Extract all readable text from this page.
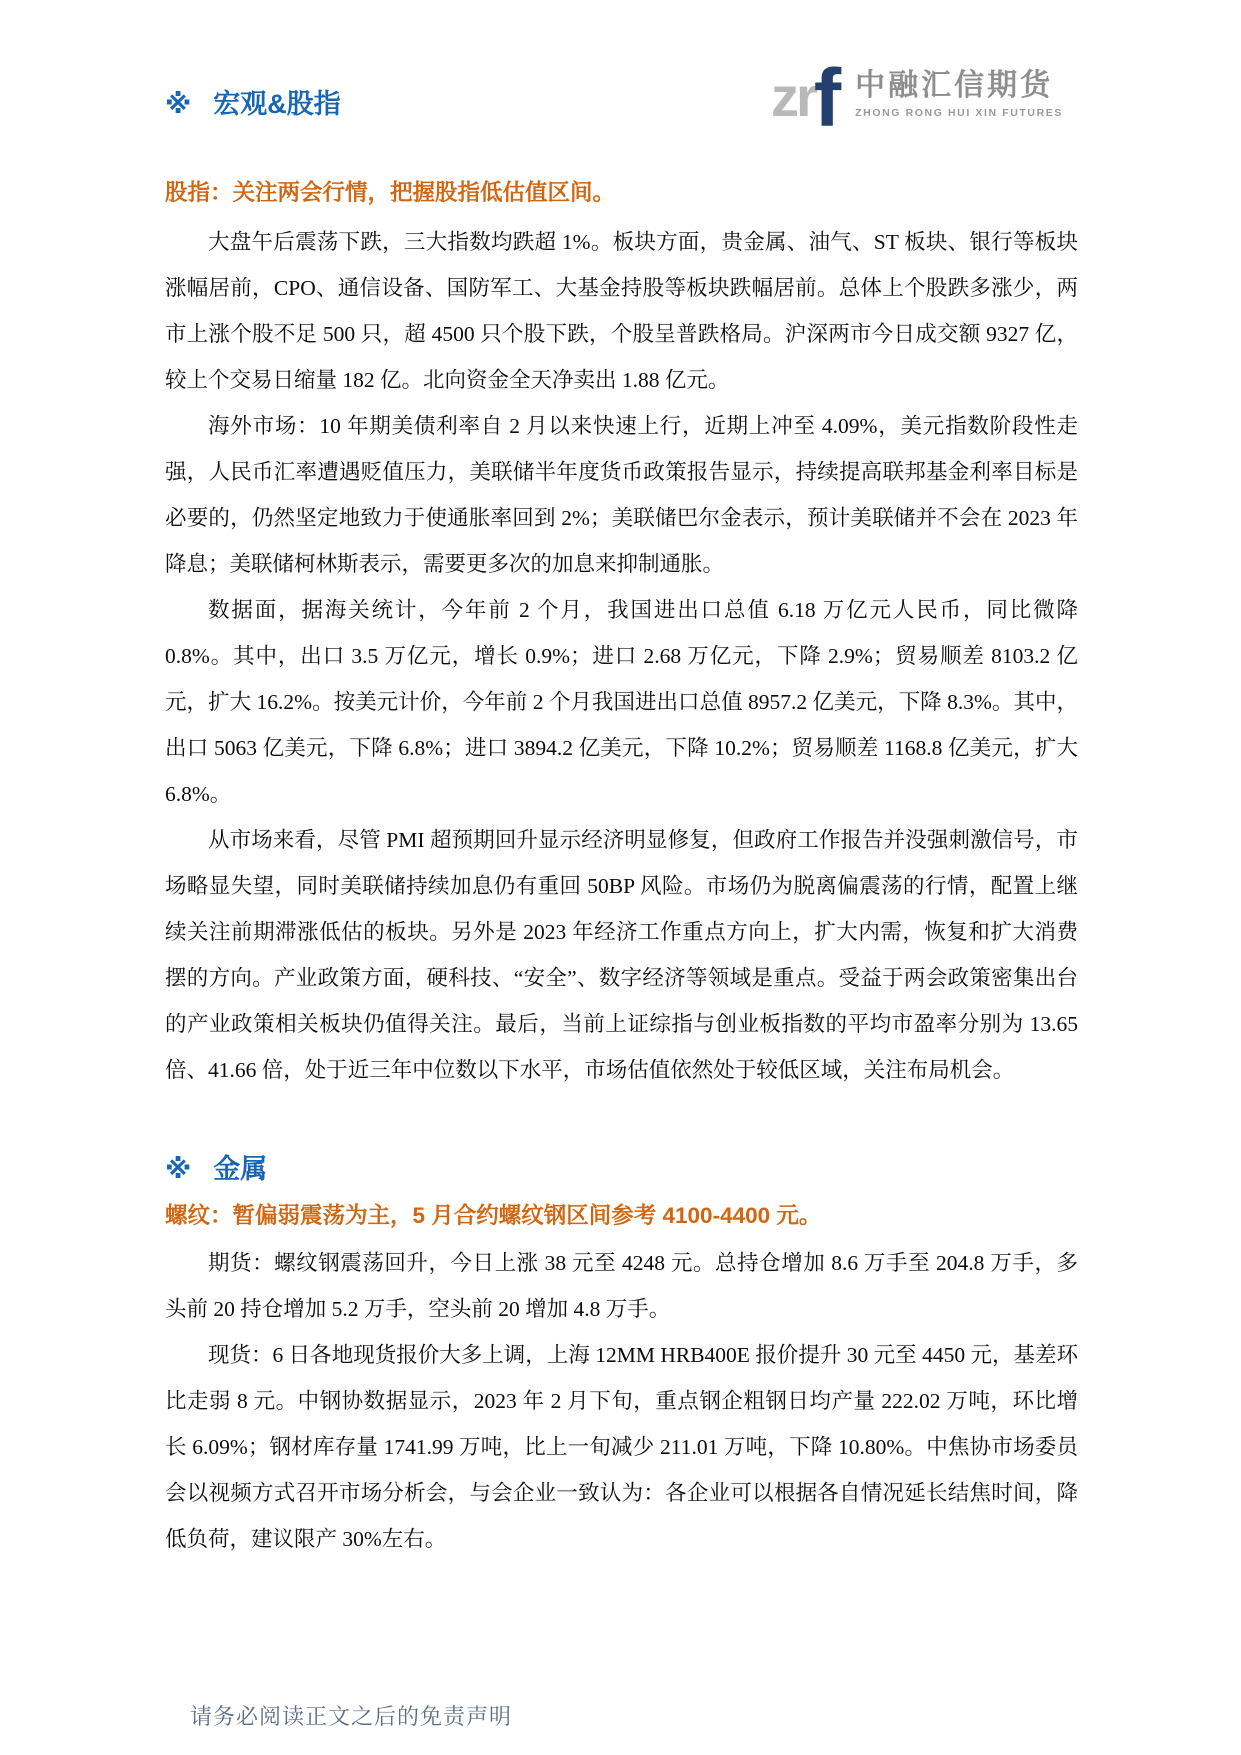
zr f 中融汇信期货
ZHONG RONG HUI XIN FUTURES
※ 宏观&股指
股指：关注两会行情，把握股指低估值区间。

大盘午后震荡下跌，三大指数均跌超 1%。板块方面，贵金属、油气、ST 板块、银行等板块涨幅居前，CPO、通信设备、国防军工、大基金持股等板块跌幅居前。总体上个股跌多涨少，两市上涨个股不足 500 只，超 4500 只个股下跌，个股呈普跌格局。沪深两市今日成交额 9327 亿，较上个交易日缩量 182 亿。北向资金全天净卖出 1.88 亿元。

海外市场：10 年期美债利率自 2 月以来快速上行，近期上冲至 4.09%，美元指数阶段性走强，人民币汇率遭遇贬值压力，美联储半年度货币政策报告显示，持续提高联邦基金利率目标是必要的，仍然坚定地致力于使通胀率回到 2%；美联储巴尔金表示，预计美联储并不会在 2023 年降息；美联储柯林斯表示，需要更多次的加息来抑制通胀。

数据面，据海关统计，今年前 2 个月，我国进出口总值 6.18 万亿元人民币，同比微降 0.8%。其中，出口 3.5 万亿元，增长 0.9%；进口 2.68 万亿元，下降 2.9%；贸易顺差 8103.2 亿元，扩大 16.2%。按美元计价，今年前 2 个月我国进出口总值 8957.2 亿美元，下降 8.3%。其中，出口 5063 亿美元，下降 6.8%；进口 3894.2 亿美元，下降 10.2%；贸易顺差 1168.8 亿美元，扩大 6.8%。

从市场来看，尽管 PMI 超预期回升显示经济明显修复，但政府工作报告并没强刺激信号，市场略显失望，同时美联储持续加息仍有重回 50BP 风险。市场仍为脱离偏震荡的行情，配置上继续关注前期滞涨低估的板块。另外是 2023 年经济工作重点方向上，扩大内需，恢复和扩大消费摆的方向。产业政策方面，硬科技、“安全”、数字经济等领域是重点。受益于两会政策密集出台的产业政策相关板块仍值得关注。最后，当前上证综指与创业板指数的平均市盈率分别为 13.65 倍、41.66 倍，处于近三年中位数以下水平，市场估值依然处于较低区域，关注布局机会。

※ 金属
螺纹：暂偏弱震荡为主，5 月合约螺纹钢区间参考 4100-4400 元。

期货：螺纹钢震荡回升，今日上涨 38 元至 4248 元。总持仓增加 8.6 万手至 204.8 万手，多头前 20 持仓增加 5.2 万手，空头前 20 增加 4.8 万手。

现货：6 日各地现货报价大多上调，上海 12MM HRB400E 报价提升 30 元至 4450 元，基差环比走弱 8 元。中钢协数据显示，2023 年 2 月下旬，重点钢企粗钢日均产量 222.02 万吨，环比增长 6.09%；钢材库存量 1741.99 万吨，比上一旬减少 211.01 万吨，下降 10.80%。中焦协市场委员会以视频方式召开市场分析会，与会企业一致认为：各企业可以根据各自情况延长结焦时间，降低负荷，建议限产 30%左右。

请务必阅读正文之后的免责声明
